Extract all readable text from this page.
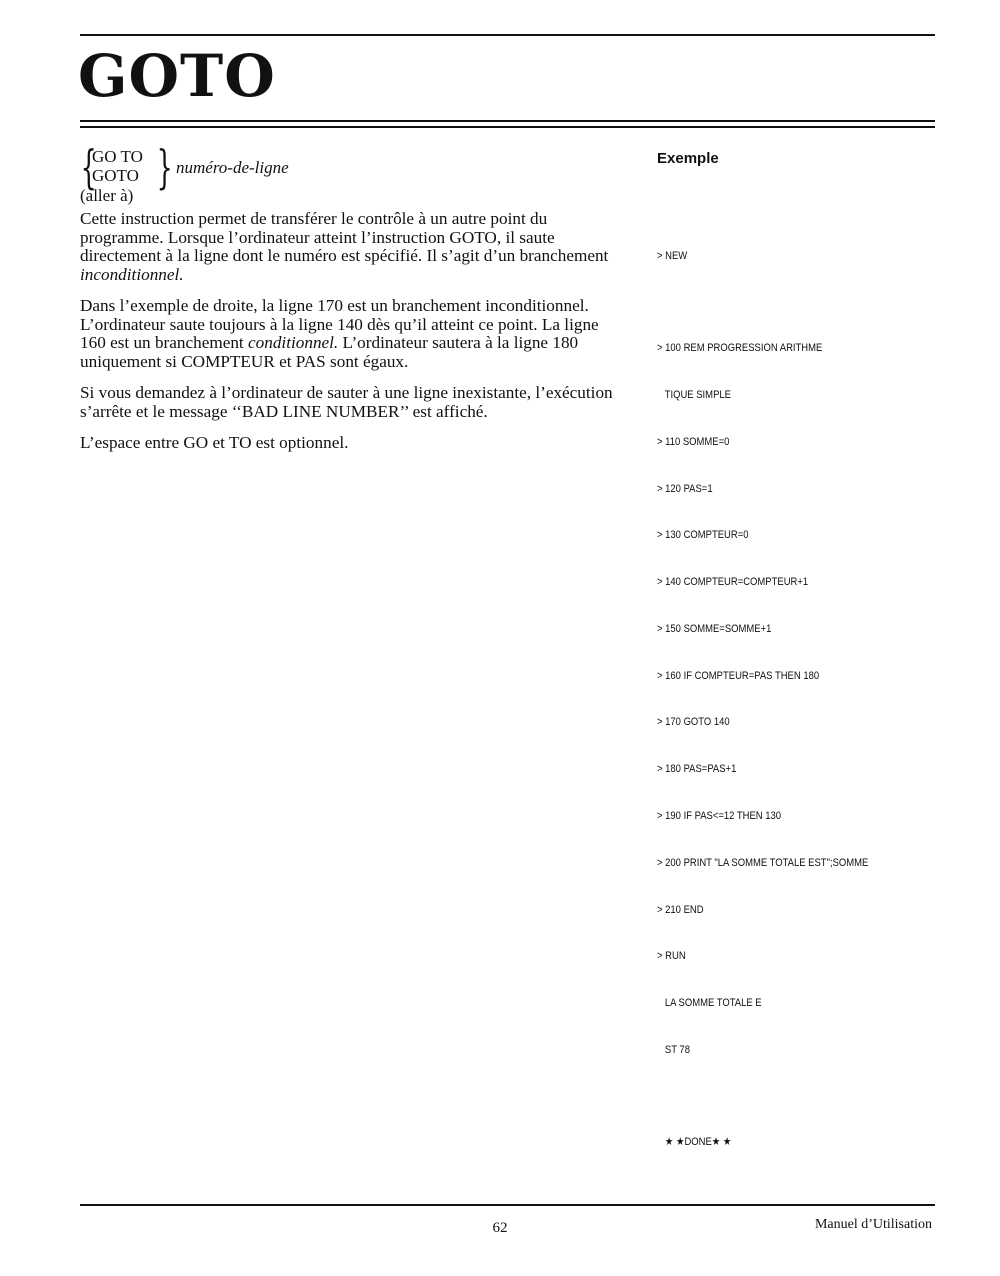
GOTO
{
GO TO
GOTO } numéro-de-ligne
(aller à)

Cette instruction permet de transférer le contrôle à un autre point du programme. Lorsque l’ordinateur atteint l’instruction GOTO, il saute directement à la ligne dont le numéro est spécifié. Il s’agit d’un branchement inconditionnel.

Dans l’exemple de droite, la ligne 170 est un branchement inconditionnel. L’ordinateur saute toujours à la ligne 140 dès qu’il atteint ce point. La ligne 160 est un branchement conditionnel. L’ordinateur sautera à la ligne 180 uniquement si COMPTEUR et PAS sont égaux.

Si vous demandez à l’ordinateur de sauter à une ligne inexistante, l’exécution s’arrête et le message ‘‘BAD LINE NUMBER’’ est affiché.

L’espace entre GO et TO est optionnel.

Exemple

> NEW

> 100 REM PROGRESSION ARITHME

TIQUE SIMPLE

> 110 SOMME=0

> 120 PAS=1

> 130 COMPTEUR=0

> 140 COMPTEUR=COMPTEUR+1

> 150 SOMME=SOMME+1

> 160 IF COMPTEUR=PAS THEN 180

> 170 GOTO 140

> 180 PAS=PAS+1

> 190 IF PAS<=12 THEN 130

> 200 PRINT "LA SOMME TOTALE EST";SOMME

> 210 END

> RUN

LA SOMME TOTALE E

ST 78

★ ★DONE★ ★

62	Manuel d’Utilisation
